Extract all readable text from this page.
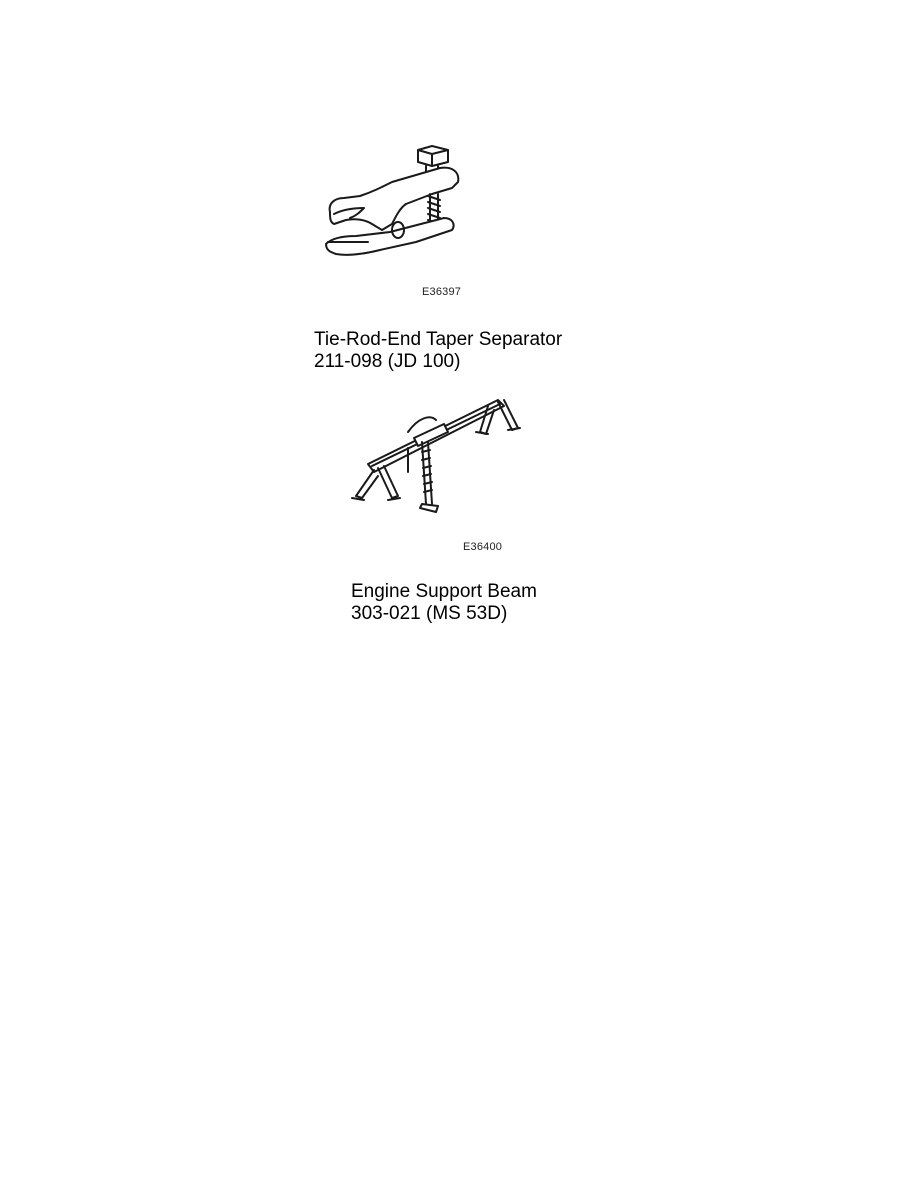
E36397
Tie-Rod-End Taper Separator
211-098 (JD 100)
E36400
Engine Support Beam
303-021 (MS 53D)
